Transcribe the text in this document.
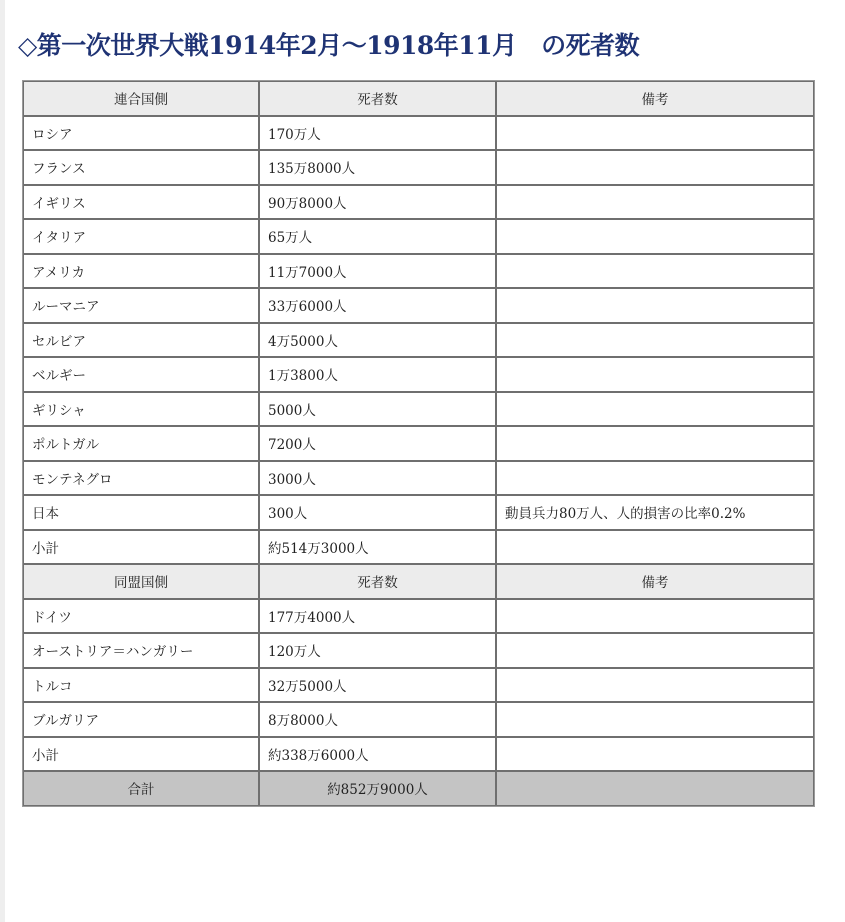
◇第一次世界大戦1914年2月〜1918年11月　の死者数
連合国側	死者数	備考
ロシア	170万人	
フランス	135万8000人	
イギリス	90万8000人	
イタリア	65万人	
アメリカ	11万7000人	
ルーマニア	33万6000人	
セルビア	4万5000人	
ベルギー	1万3800人	
ギリシャ	5000人	
ポルトガル	7200人	
モンテネグロ	3000人	
日本	300人	動員兵力80万人、人的損害の比率0.2%
小計	約514万3000人	
同盟国側	死者数	備考
ドイツ	177万4000人	
オーストリア＝ハンガリー	120万人	
トルコ	32万5000人	
ブルガリア	8万8000人	
小計	約338万6000人	
合計	約852万9000人	
